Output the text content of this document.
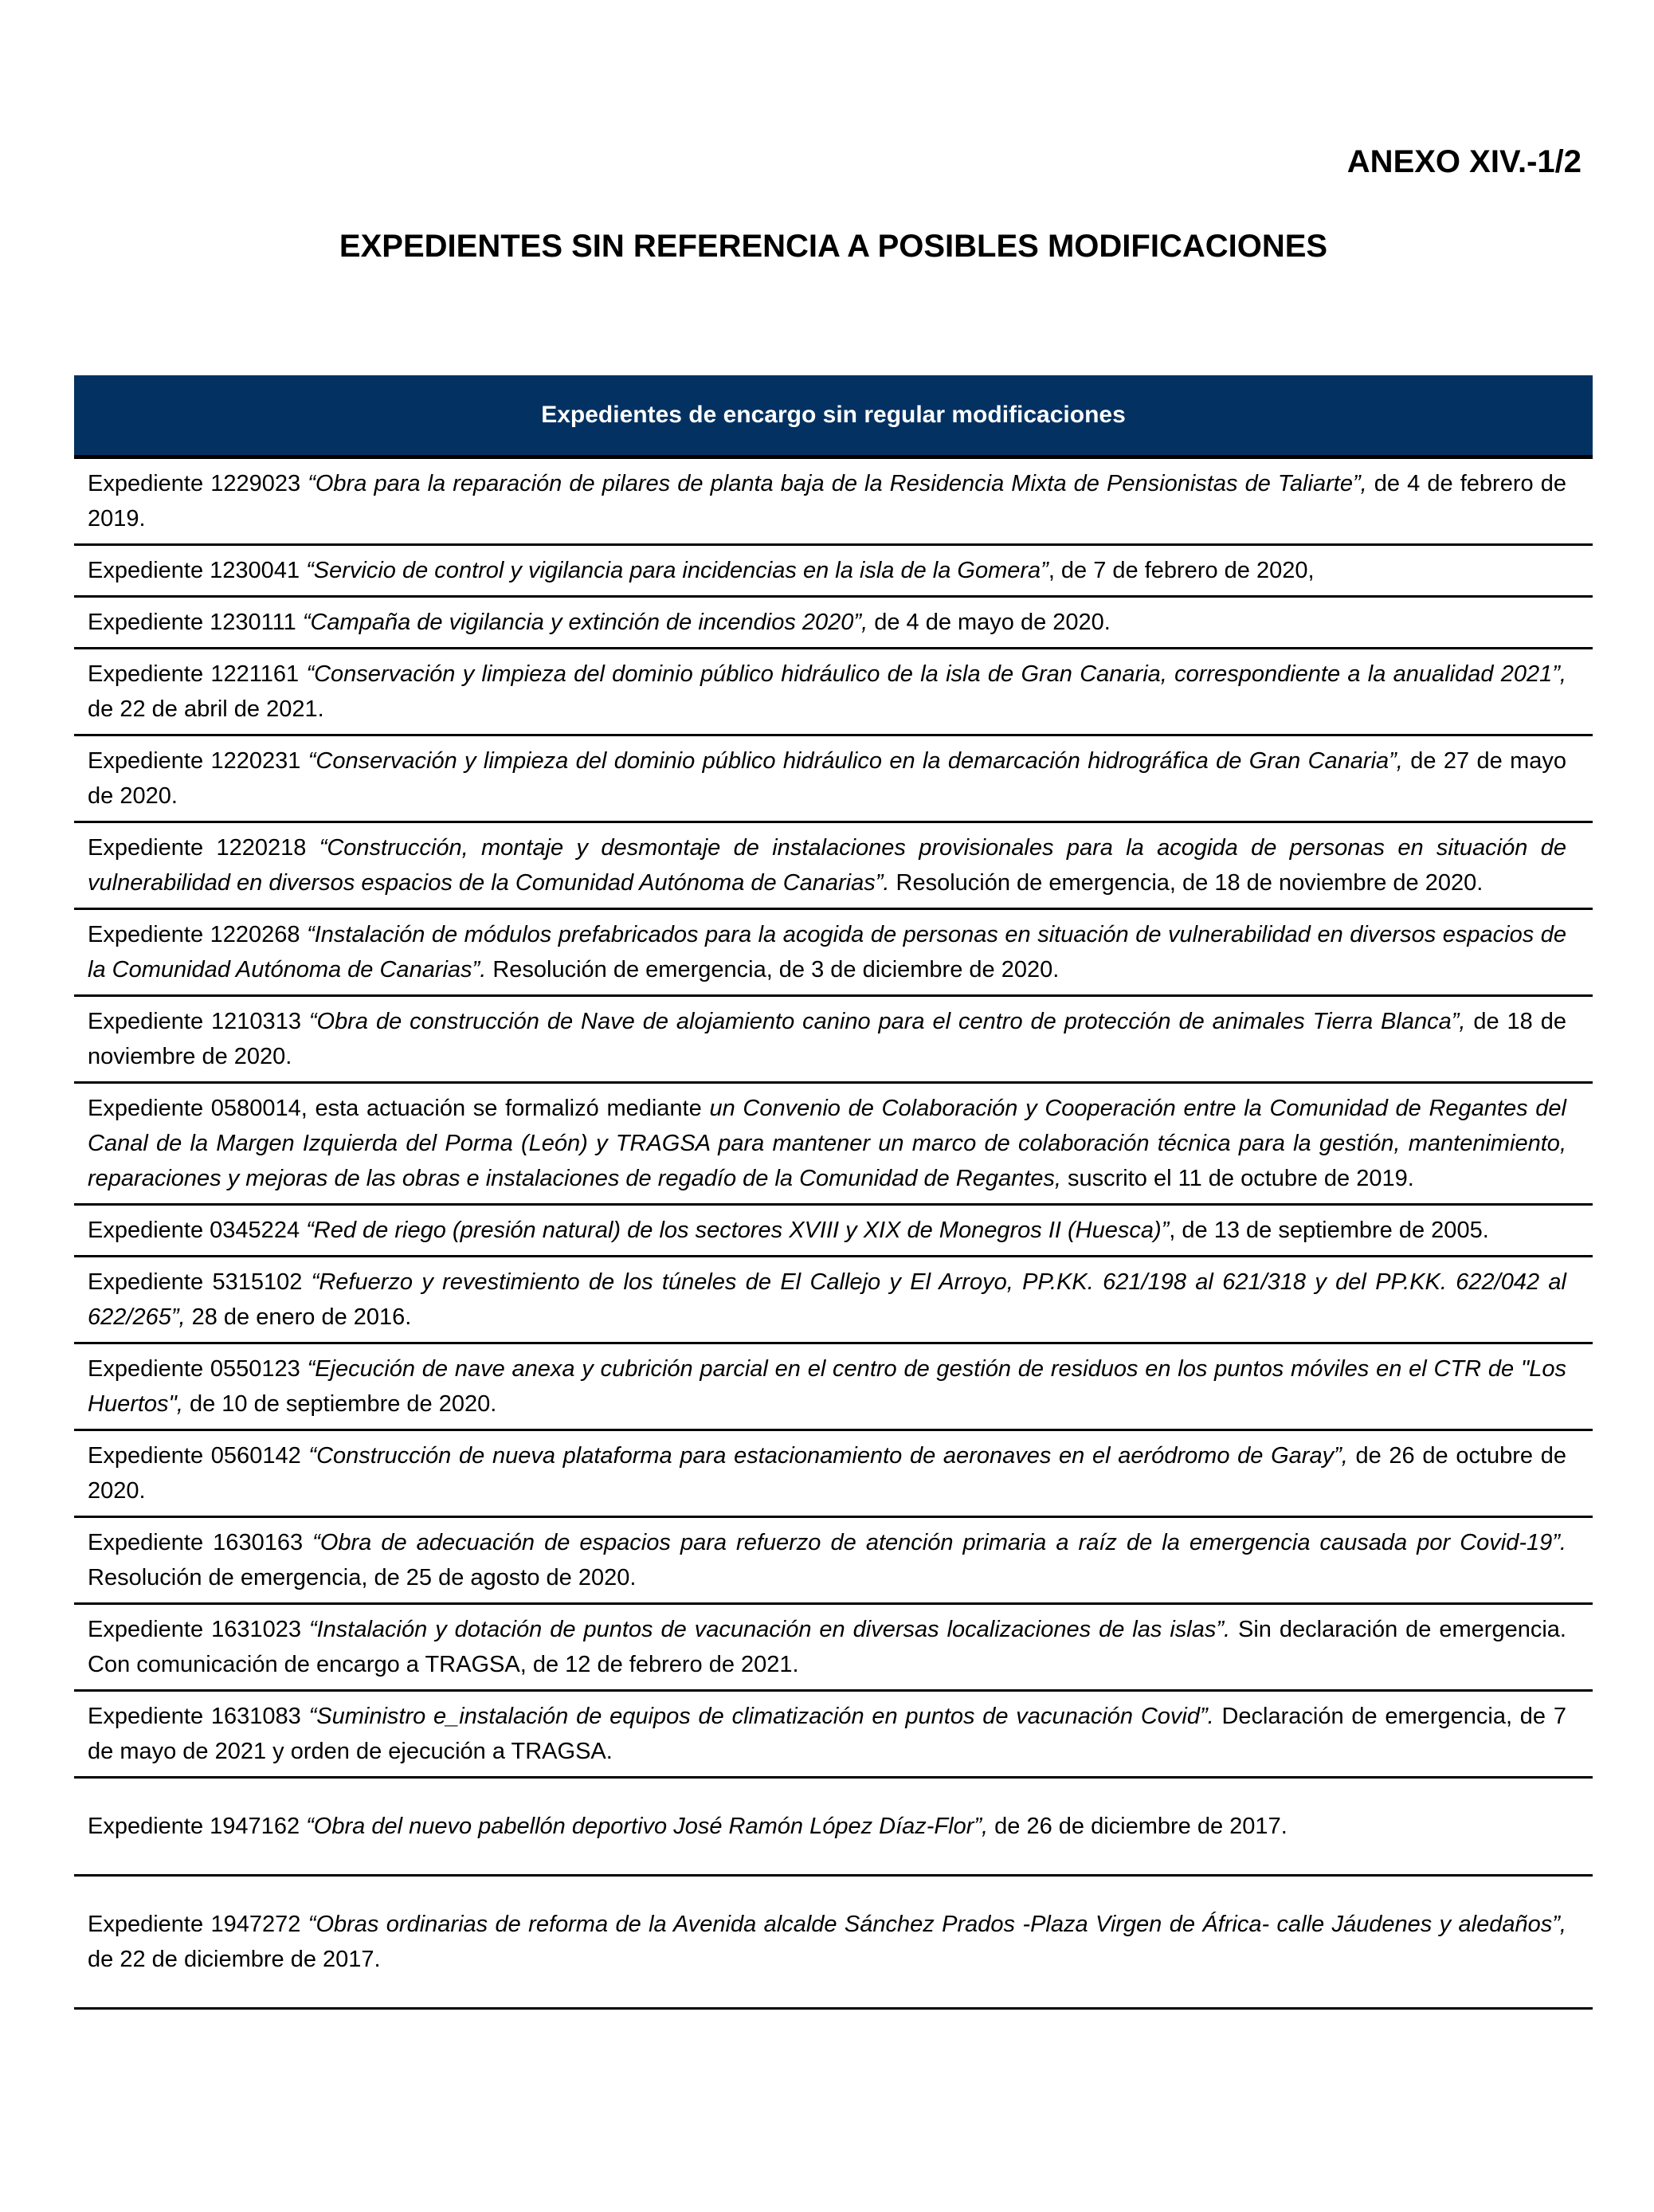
ANEXO XIV.-1/2
EXPEDIENTES SIN REFERENCIA A POSIBLES MODIFICACIONES
Expedientes de encargo sin regular modificaciones
Expediente 1229023 “Obra para la reparación de pilares de planta baja de la Residencia Mixta de Pensionistas de Taliarte”, de 4 de febrero de 2019.
Expediente 1230041 “Servicio de control y vigilancia para incidencias en la isla de la Gomera”, de 7 de febrero de 2020,
Expediente 1230111 “Campaña de vigilancia y extinción de incendios 2020”, de 4 de mayo de 2020.
Expediente 1221161 “Conservación y limpieza del dominio público hidráulico de la isla de Gran Canaria, correspondiente a la anualidad 2021”, de 22 de abril de 2021.
Expediente 1220231 “Conservación y limpieza del dominio público hidráulico en la demarcación hidrográfica de Gran Canaria”, de 27 de mayo de 2020.
Expediente 1220218 “Construcción, montaje y desmontaje de instalaciones provisionales para la acogida de personas en situación de vulnerabilidad en diversos espacios de la Comunidad Autónoma de Canarias”. Resolución de emergencia, de 18 de noviembre de 2020.
Expediente 1220268 “Instalación de módulos prefabricados para la acogida de personas en situación de vulnerabilidad en diversos espacios de la Comunidad Autónoma de Canarias”. Resolución de emergencia, de 3 de diciembre de 2020.
Expediente 1210313 “Obra de construcción de Nave de alojamiento canino para el centro de protección de animales Tierra Blanca”, de 18 de noviembre de 2020.
Expediente 0580014, esta actuación se formalizó mediante un Convenio de Colaboración y Cooperación entre la Comunidad de Regantes del Canal de la Margen Izquierda del Porma (León) y TRAGSA para mantener un marco de colaboración técnica para la gestión, mantenimiento, reparaciones y mejoras de las obras e instalaciones de regadío de la Comunidad de Regantes, suscrito el 11 de octubre de 2019.
Expediente 0345224 “Red de riego (presión natural) de los sectores XVIII y XIX de Monegros II (Huesca)”, de 13 de septiembre de 2005.
Expediente 5315102 “Refuerzo y revestimiento de los túneles de El Callejo y El Arroyo, PP.KK. 621/198 al 621/318 y del PP.KK. 622/042 al 622/265”, 28 de enero de 2016.
Expediente 0550123 “Ejecución de nave anexa y cubrición parcial en el centro de gestión de residuos en los puntos móviles en el CTR de "Los Huertos", de 10 de septiembre de 2020.
Expediente 0560142 “Construcción de nueva plataforma para estacionamiento de aeronaves en el aeródromo de Garay”, de 26 de octubre de 2020.
Expediente 1630163 “Obra de adecuación de espacios para refuerzo de atención primaria a raíz de la emergencia causada por Covid-19”. Resolución de emergencia, de 25 de agosto de 2020.
Expediente 1631023 “Instalación y dotación de puntos de vacunación en diversas localizaciones de las islas”. Sin declaración de emergencia. Con comunicación de encargo a TRAGSA, de 12 de febrero de 2021.
Expediente 1631083 “Suministro e_instalación de equipos de climatización en puntos de vacunación Covid”. Declaración de emergencia, de 7 de mayo de 2021 y orden de ejecución a TRAGSA.
Expediente 1947162 “Obra del nuevo pabellón deportivo José Ramón López Díaz-Flor”, de 26 de diciembre de 2017.
Expediente 1947272 “Obras ordinarias de reforma de la Avenida alcalde Sánchez Prados -Plaza Virgen de África- calle Jáudenes y aledaños”, de 22 de diciembre de 2017.
